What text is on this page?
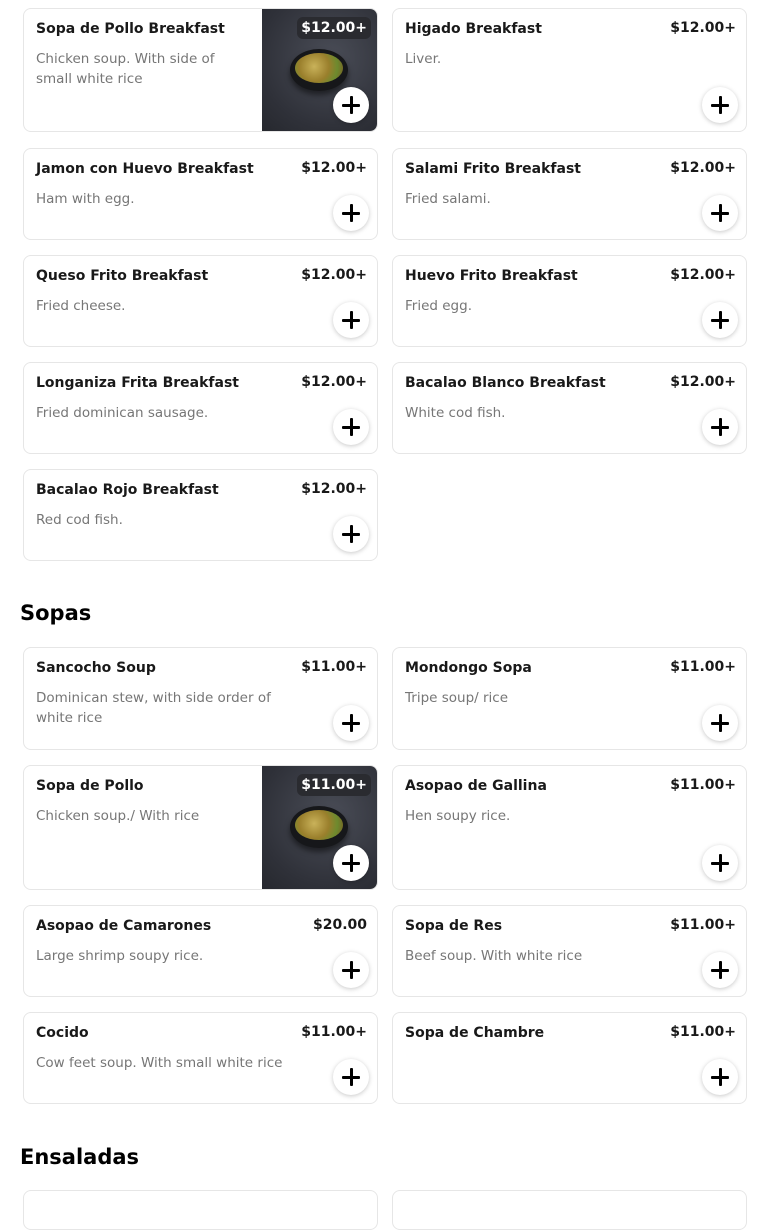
Sopa de Pollo Breakfast
Chicken soup. With side of small white rice
$12.00+	Higado Breakfast
Liver.
$12.00+
Jamon con Huevo Breakfast
Ham with egg.
$12.00+	Salami Frito Breakfast
Fried salami.
$12.00+
Queso Frito Breakfast
Fried cheese.
$12.00+	Huevo Frito Breakfast
Fried egg.
$12.00+
Longaniza Frita Breakfast
Fried dominican sausage.
$12.00+	Bacalao Blanco Breakfast
White cod fish.
$12.00+
Bacalao Rojo Breakfast
Red cod fish.
$12.00+
Sopas
Sancocho Soup
Dominican stew, with side order of white rice
$11.00+	Mondongo Sopa
Tripe soup/ rice
$11.00+
Sopa de Pollo
Chicken soup./ With rice
$11.00+	Asopao de Gallina
Hen soupy rice.
$11.00+
Asopao de Camarones
Large shrimp soupy rice.
$20.00	Sopa de Res
Beef soup. With white rice
$11.00+
Cocido
Cow feet soup. With small white rice
$11.00+	Sopa de Chambre	$11.00+
Ensaladas
